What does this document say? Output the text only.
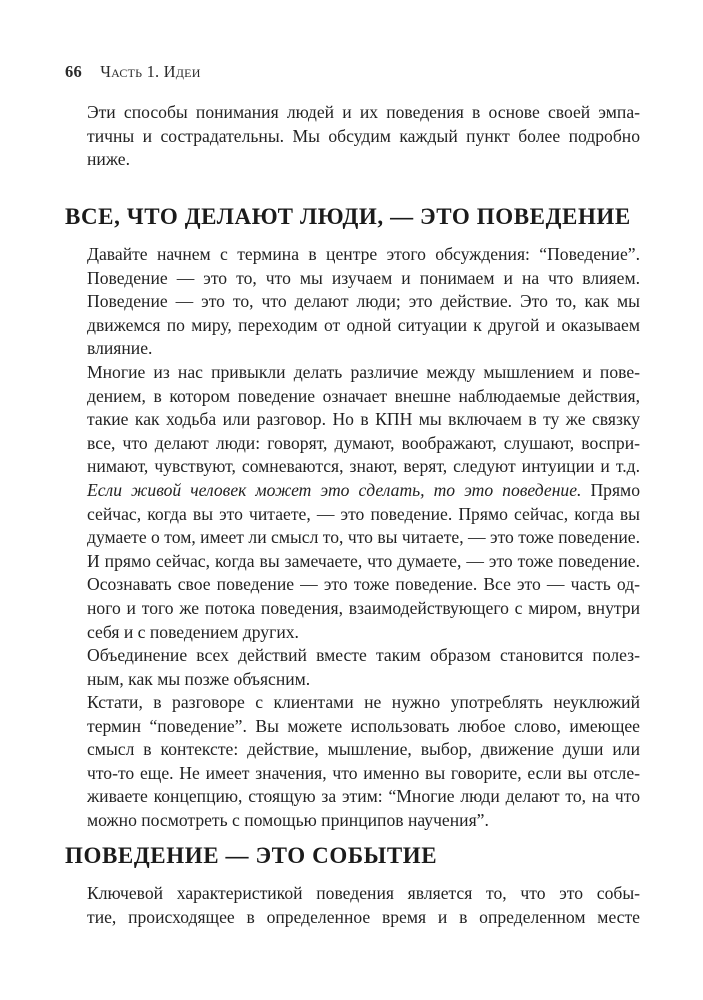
66 Часть 1. Идеи
Эти способы понимания людей и их поведения в основе своей эмпа-
тичны и сострадательны. Мы обсудим каждый пункт более подробно
ниже.
ВСЕ, ЧТО ДЕЛАЮТ ЛЮДИ, — ЭТО ПОВЕДЕНИЕ
Давайте начнем с термина в центре этого обсуждения: “Поведение”.
Поведение — это то, что мы изучаем и понимаем и на что влияем.
Поведение — это то, что делают люди; это действие. Это то, как мы
движемся по миру, переходим от одной ситуации к другой и оказываем
влияние.
Многие из нас привыкли делать различие между мышлением и пове-
дением, в котором поведение означает внешне наблюдаемые действия,
такие как ходьба или разговор. Но в КПН мы включаем в ту же связку
все, что делают люди: говорят, думают, воображают, слушают, воспри-
нимают, чувствуют, сомневаются, знают, верят, следуют интуиции и т.д.
Если живой человек может это сделать, то это поведение. Прямо
сейчас, когда вы это читаете, — это поведение. Прямо сейчас, когда вы
думаете о том, имеет ли смысл то, что вы читаете, — это тоже поведение.
И прямо сейчас, когда вы замечаете, что думаете, — это тоже поведение.
Осознавать свое поведение — это тоже поведение. Все это — часть од-
ного и того же потока поведения, взаимодействующего с миром, внутри
себя и с поведением других.
Объединение всех действий вместе таким образом становится полез-
ным, как мы позже объясним.
Кстати, в разговоре с клиентами не нужно употреблять неуклюжий
термин “поведение”. Вы можете использовать любое слово, имеющее
смысл в контексте: действие, мышление, выбор, движение души или
что-то еще. Не имеет значения, что именно вы говорите, если вы отсле-
живаете концепцию, стоящую за этим: “Многие люди делают то, на что
можно посмотреть с помощью принципов научения”.
ПОВЕДЕНИЕ — ЭТО СОБЫТИЕ
Ключевой характеристикой поведения является то, что это собы-
тие, происходящее в определенное время и в определенном месте
